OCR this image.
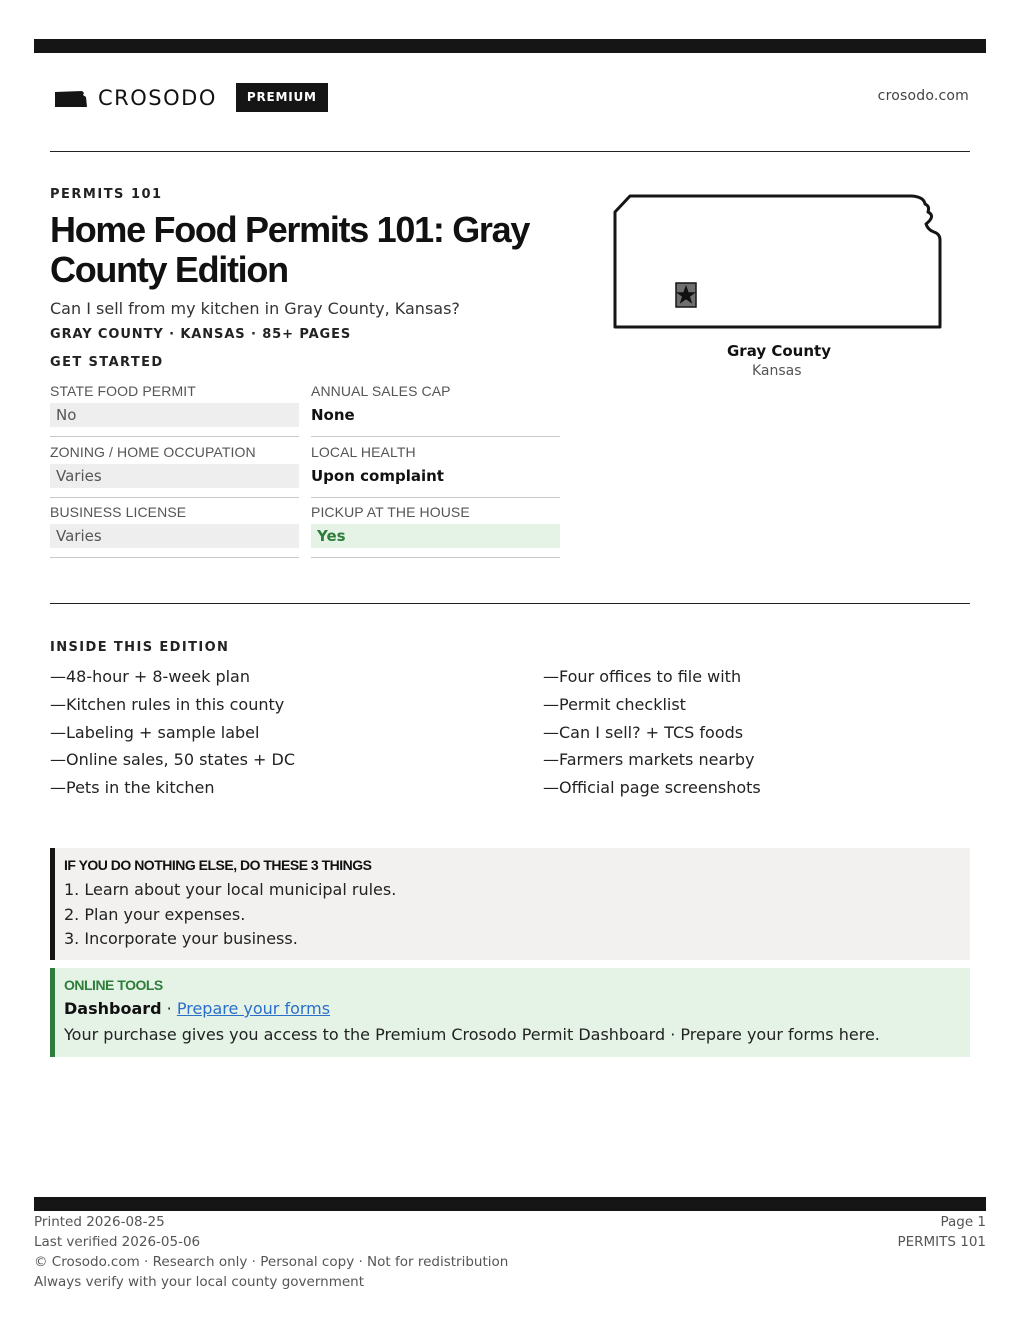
CROSODO	PREMIUM	crosodo.com
PERMITS 101
Home Food Permits 101: Gray County Edition
Can I sell from my kitchen in Gray County, Kansas?
GRAY COUNTY · KANSAS · 85+ PAGES
GET STARTED
STATE FOOD PERMIT
No
ANNUAL SALES CAP
None
ZONING / HOME OCCUPATION
Varies
LOCAL HEALTH
Upon complaint
BUSINESS LICENSE
Varies
PICKUP AT THE HOUSE
Yes
Gray County
Kansas
INSIDE THIS EDITION
—48-hour + 8-week plan
—Kitchen rules in this county
—Labeling + sample label
—Online sales, 50 states + DC
—Pets in the kitchen
—Four offices to file with
—Permit checklist
—Can I sell? + TCS foods
—Farmers markets nearby
—Official page screenshots
IF YOU DO NOTHING ELSE, DO THESE 3 THINGS
1. Learn about your local municipal rules.
2. Plan your expenses.
3. Incorporate your business.
ONLINE TOOLS
Dashboard · Prepare your forms
Your purchase gives you access to the Premium Crosodo Permit Dashboard · Prepare your forms here.
Printed 2026-08-25
Last verified 2026-05-06
© Crosodo.com · Research only · Personal copy · Not for redistribution
Always verify with your local county government
Page 1
PERMITS 101
